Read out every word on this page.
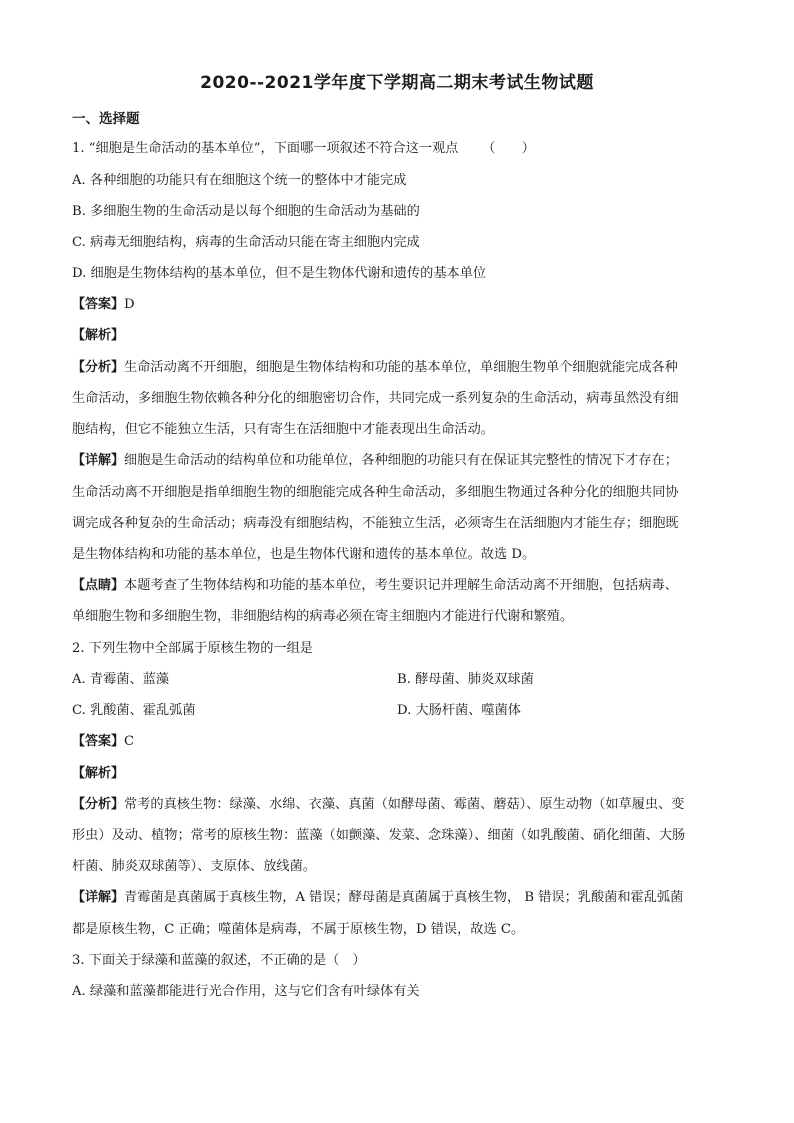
2020--2021学年度下学期高二期末考试生物试题
一、选择题
1. “细胞是生命活动的基本单位”，下面哪一项叙述不符合这一观点 （　　）
A. 各种细胞的功能只有在细胞这个统一的整体中才能完成
B. 多细胞生物的生命活动是以每个细胞的生命活动为基础的
C. 病毒无细胞结构，病毒的生命活动只能在寄主细胞内完成
D. 细胞是生物体结构的基本单位，但不是生物体代谢和遗传的基本单位
【答案】D
【解析】
【分析】生命活动离不开细胞，细胞是生物体结构和功能的基本单位，单细胞生物单个细胞就能完成各种
生命活动，多细胞生物依赖各种分化的细胞密切合作，共同完成一系列复杂的生命活动，病毒虽然没有细
胞结构，但它不能独立生活，只有寄生在活细胞中才能表现出生命活动。
【详解】细胞是生命活动的结构单位和功能单位，各种细胞的功能只有在保证其完整性的情况下才存在；
生命活动离不开细胞是指单细胞生物的细胞能完成各种生命活动，多细胞生物通过各种分化的细胞共同协
调完成各种复杂的生命活动；病毒没有细胞结构，不能独立生活，必须寄生在活细胞内才能生存；细胞既
是生物体结构和功能的基本单位，也是生物体代谢和遗传的基本单位。故选 D。
【点睛】本题考查了生物体结构和功能的基本单位，考生要识记并理解生命活动离不开细胞，包括病毒、
单细胞生物和多细胞生物，非细胞结构的病毒必须在寄主细胞内才能进行代谢和繁殖。
2. 下列生物中全部属于原核生物的一组是
A. 青霉菌、蓝藻	B. 酵母菌、肺炎双球菌
C. 乳酸菌、霍乱弧菌	D. 大肠杆菌、噬菌体
【答案】C
【解析】
【分析】常考的真核生物：绿藻、水绵、衣藻、真菌（如酵母菌、霉菌、蘑菇）、原生动物（如草履虫、变
形虫）及动、植物；常考的原核生物：蓝藻（如颤藻、发菜、念珠藻）、细菌（如乳酸菌、硝化细菌、大肠
杆菌、肺炎双球菌等）、支原体、放线菌。
【详解】青霉菌是真菌属于真核生物，A 错误；酵母菌是真菌属于真核生物， B 错误；乳酸菌和霍乱弧菌
都是原核生物，C 正确；噬菌体是病毒，不属于原核生物，D 错误，故选 C。
3. 下面关于绿藻和蓝藻的叙述，不正确的是（　）
A. 绿藻和蓝藻都能进行光合作用，这与它们含有叶绿体有关
